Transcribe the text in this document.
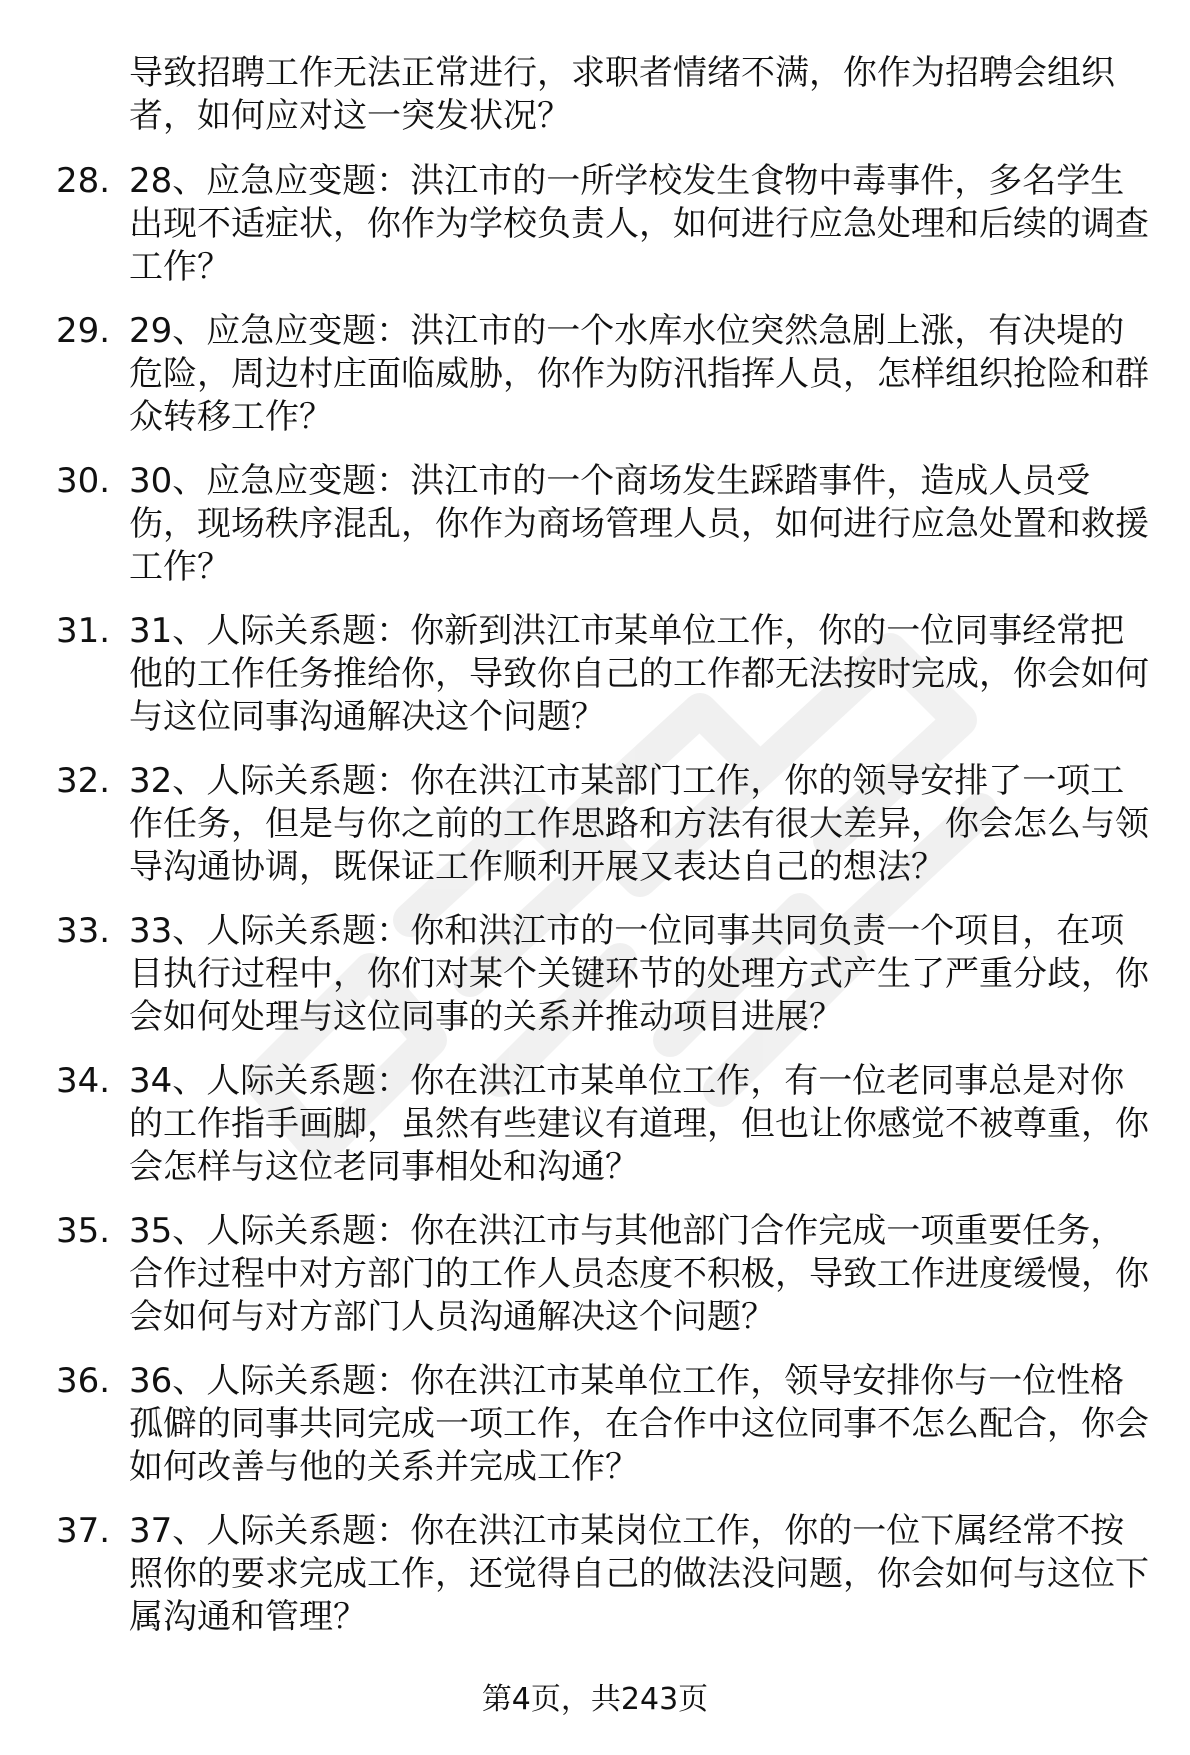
导致招聘工作无法正常进行，求职者情绪不满，你作为招聘会组织者，如何应对这一突发状况？
28. 28、应急应变题：洪江市的一所学校发生食物中毒事件，多名学生出现不适症状，你作为学校负责人，如何进行应急处理和后续的调查工作？
29. 29、应急应变题：洪江市的一个水库水位突然急剧上涨，有决堤的危险，周边村庄面临威胁，你作为防汛指挥人员，怎样组织抢险和群众转移工作？
30. 30、应急应变题：洪江市的一个商场发生踩踏事件，造成人员受伤，现场秩序混乱，你作为商场管理人员，如何进行应急处置和救援工作？
31. 31、人际关系题：你新到洪江市某单位工作，你的一位同事经常把他的工作任务推给你，导致你自己的工作都无法按时完成，你会如何与这位同事沟通解决这个问题？
32. 32、人际关系题：你在洪江市某部门工作，你的领导安排了一项工作任务，但是与你之前的工作思路和方法有很大差异，你会怎么与领导沟通协调，既保证工作顺利开展又表达自己的想法？
33. 33、人际关系题：你和洪江市的一位同事共同负责一个项目，在项目执行过程中，你们对某个关键环节的处理方式产生了严重分歧，你会如何处理与这位同事的关系并推动项目进展？
34. 34、人际关系题：你在洪江市某单位工作，有一位老同事总是对你的工作指手画脚，虽然有些建议有道理，但也让你感觉不被尊重，你会怎样与这位老同事相处和沟通？
35. 35、人际关系题：你在洪江市与其他部门合作完成一项重要任务，合作过程中对方部门的工作人员态度不积极，导致工作进度缓慢，你会如何与对方部门人员沟通解决这个问题？
36. 36、人际关系题：你在洪江市某单位工作，领导安排你与一位性格孤僻的同事共同完成一项工作，在合作中这位同事不怎么配合，你会如何改善与他的关系并完成工作？
37. 37、人际关系题：你在洪江市某岗位工作，你的一位下属经常不按照你的要求完成工作，还觉得自己的做法没问题，你会如何与这位下属沟通和管理？
第4页，共243页
